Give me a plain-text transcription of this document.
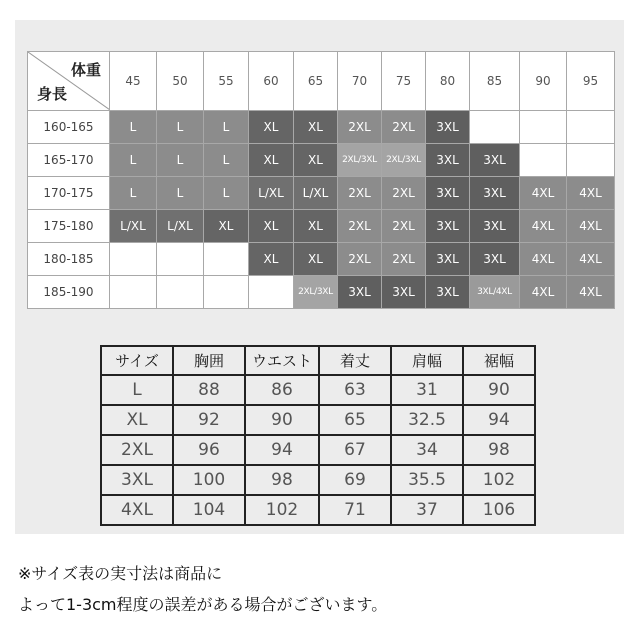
体重
身長	45	50	55	60	65	70	75	80	85	90	95
160-165	L	L	L	XL	XL	2XL	2XL	3XL			
165-170	L	L	L	XL	XL	2XL/3XL	2XL/3XL	3XL	3XL		
170-175	L	L	L	L/XL	L/XL	2XL	2XL	3XL	3XL	4XL	4XL
175-180	L/XL	L/XL	XL	XL	XL	2XL	2XL	3XL	3XL	4XL	4XL
180-185				XL	XL	2XL	2XL	3XL	3XL	4XL	4XL
185-190					2XL/3XL	3XL	3XL	3XL	3XL/4XL	4XL	4XL
サイズ	胸囲	ウエスト	着丈	肩幅	裾幅
L	88	86	63	31	90
XL	92	90	65	32.5	94
2XL	96	94	67	34	98
3XL	100	98	69	35.5	102
4XL	104	102	71	37	106
※サイズ表の実寸法は商品に
よって1-3cm程度の誤差がある場合がございます。
